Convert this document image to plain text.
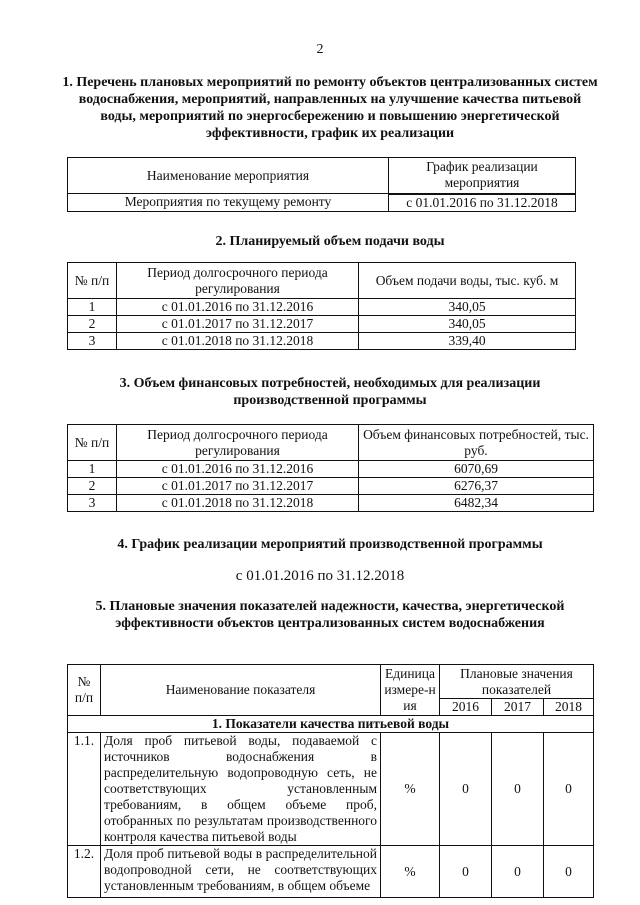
2
1. Перечень плановых мероприятий по ремонту объектов централизованных систем водоснабжения, мероприятий, направленных на улучшение качества питьевой воды, мероприятий по энергосбережению и повышению энергетической эффективности, график их реализации
Наименование мероприятия	График реализации мероприятия
Мероприятия по текущему ремонту	с 01.01.2016 по 31.12.2018
2. Планируемый объем подачи воды
№ п/п	Период долгосрочного периода регулирования	Объем подачи воды, тыс. куб. м
1	с 01.01.2016 по 31.12.2016	340,05
2	с 01.01.2017 по 31.12.2017	340,05
3	с 01.01.2018 по 31.12.2018	339,40
3. Объем финансовых потребностей, необходимых для реализации производственной программы
№ п/п	Период долгосрочного периода регулирования	Объем финансовых потребностей, тыс. руб.
1	с 01.01.2016 по 31.12.2016	6070,69
2	с 01.01.2017 по 31.12.2017	6276,37
3	с 01.01.2018 по 31.12.2018	6482,34
4. График реализации мероприятий производственной программы
с 01.01.2016 по 31.12.2018
5. Плановые значения показателей надежности, качества, энергетической эффективности объектов централизованных систем водоснабжения
№ п/п	Наименование показателя	Единица измере-ния	Плановые значения показателей		
			2016	2017	2018
1. Показатели качества питьевой воды					
1.1.	Доля проб питьевой воды, подаваемой с источников водоснабжения в распределительную водопроводную сеть, не соответствующих установленным требованиям, в общем объеме проб, отобранных по результатам производственного контроля качества питьевой воды	%	0	0	0
1.2.	Доля проб питьевой воды в распределительной водопроводной сети, не соответствующих установленным требованиям, в общем объеме	%	0	0	0
